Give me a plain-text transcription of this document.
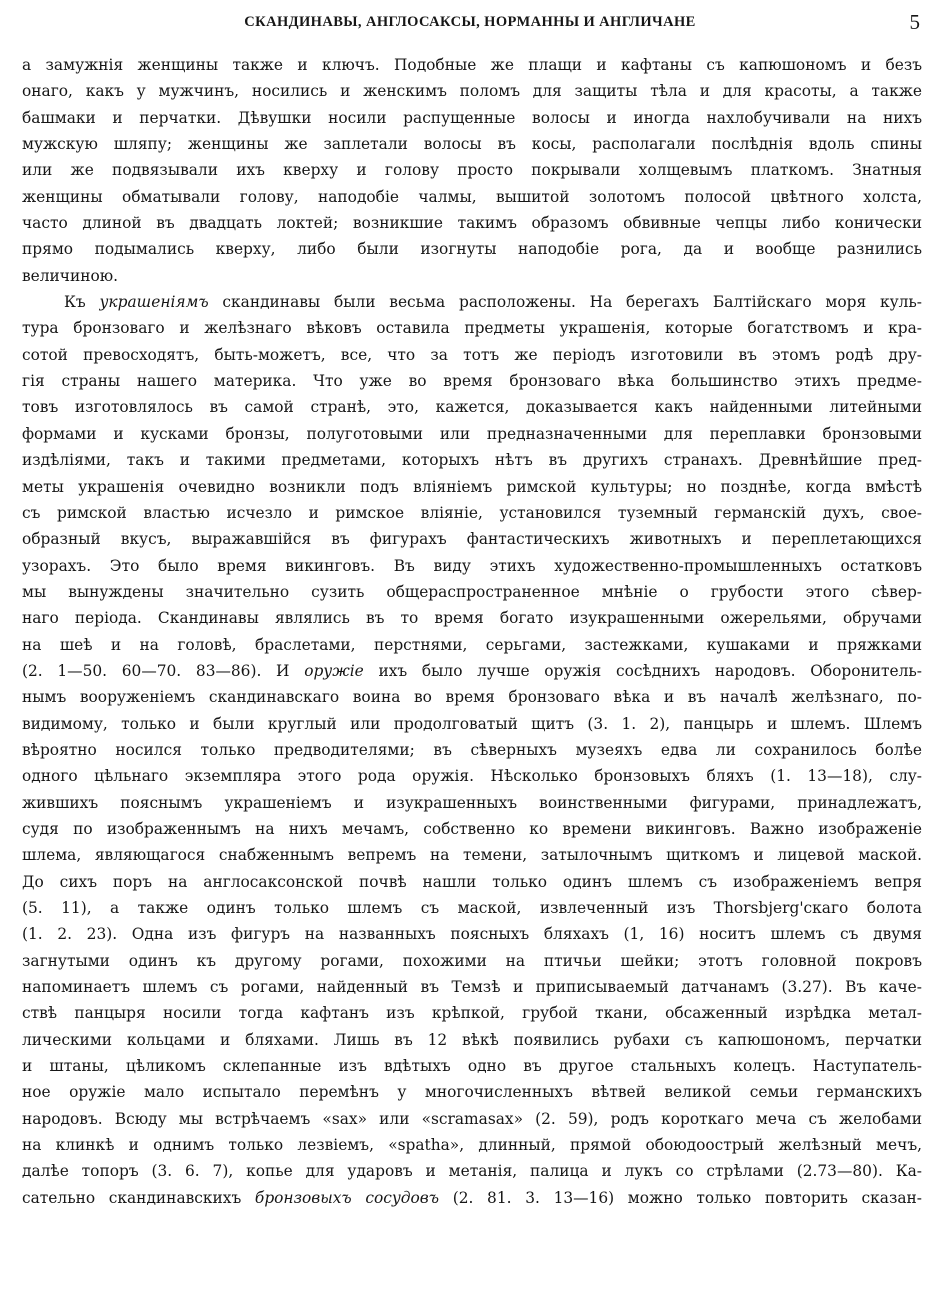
СКАНДИНАВЫ, АНГЛОСАКСЫ, НОРМАННЫ И АНГЛИЧАНЕ	5
а замужнія женщины также и ключъ. Подобные же плащи и кафтаны съ капюшономъ и безъ
онаго, какъ у мужчинъ, носились и женскимъ поломъ для защиты тѣла и для красоты, а также
башмаки и перчатки. Дѣвушки носили распущенные волосы и иногда нахлобучивали на нихъ
мужскую шляпу; женщины же заплетали волосы въ косы, располагали послѣднія вдоль спины
или же подвязывали ихъ кверху и голову просто покрывали холщевымъ платкомъ. Знатныя
женщины обматывали голову, наподобіе чалмы, вышитой золотомъ полосой цвѣтного холста,
часто длиной въ двадцать локтей; возникшие такимъ образомъ обвивные чепцы либо конически
прямо подымались кверху, либо были изогнуты наподобіе рога, да и вообще разнились
величиною.
Къ украшеніямъ скандинавы были весьма расположены. На берегахъ Балтійскаго моря куль-
тура бронзоваго и желѣзнаго вѣковъ оставила предметы украшенія, которые богатствомъ и кра-
сотой превосходятъ, быть-можетъ, все, что за тотъ же періодъ изготовили въ этомъ родѣ дру-
гія страны нашего материка. Что уже во время бронзоваго вѣка большинство этихъ предме-
товъ изготовлялось въ самой странѣ, это, кажется, доказывается какъ найденными литейными
формами и кусками бронзы, полуготовыми или предназначенными для переплавки бронзовыми
издѣліями, такъ и такими предметами, которыхъ нѣтъ въ другихъ странахъ. Древнѣйшие пред-
меты украшенія очевидно возникли подъ вліяніемъ римской культуры; но позднѣе, когда вмѣстѣ
съ римской властью исчезло и римское вліяніе, установился туземный германскій духъ, свое-
образный вкусъ, выражавшійся въ фигурахъ фантастическихъ животныхъ и переплетающихся
узорахъ. Это было время викинговъ. Въ виду этихъ художественно-промышленныхъ остатковъ
мы вынуждены значительно сузить общераспространенное мнѣніе о грубости этого сѣвер-
наго періода. Скандинавы являлись въ то время богато изукрашенными ожерельями, обручами
на шеѣ и на головѣ, браслетами, перстнями, серьгами, застежками, кушаками и пряжками
(2. 1—50. 60—70. 83—86). И оружіе ихъ было лучше оружія сосѣднихъ народовъ. Оборонитель-
нымъ вооруженіемъ скандинавскаго воина во время бронзоваго вѣка и въ началѣ желѣзнаго, по-
видимому, только и были круглый или продолговатый щитъ (3. 1. 2), панцырь и шлемъ. Шлемъ
вѣроятно носился только предводителями; въ сѣверныхъ музеяхъ едва ли сохранилось болѣе
одного цѣльнаго экземпляра этого рода оружія. Нѣсколько бронзовыхъ бляхъ (1. 13—18), слу-
жившихъ пояснымъ украшеніемъ и изукрашенныхъ воинственными фигурами, принадлежатъ,
судя по изображеннымъ на нихъ мечамъ, собственно ко времени викинговъ. Важно изображеніе
шлема, являющагося снабженнымъ вепремъ на темени, затылочнымъ щиткомъ и лицевой маской.
До сихъ поръ на англосаксонской почвѣ нашли только одинъ шлемъ съ изображеніемъ вепря
(5. 11), а также одинъ только шлемъ съ маской, извлеченный изъ Thorsbjerg'скаго болота
(1. 2. 23). Одна изъ фигуръ на названныхъ поясныхъ бляхахъ (1, 16) носитъ шлемъ съ двумя
загнутыми одинъ къ другому рогами, похожими на птичьи шейки; этотъ головной покровъ
напоминаетъ шлемъ съ рогами, найденный въ Темзѣ и приписываемый датчанамъ (3.27). Въ каче-
ствѣ панцыря носили тогда кафтанъ изъ крѣпкой, грубой ткани, обсаженный изрѣдка метал-
лическими кольцами и бляхами. Лишь въ 12 вѣкѣ появились рубахи съ капюшономъ, перчатки
и штаны, цѣликомъ склепанные изъ вдѣтыхъ одно въ другое стальныхъ колецъ. Наступатель-
ное оружіе мало испытало перемѣнъ у многочисленныхъ вѣтвей великой семьи германскихъ
народовъ. Всюду мы встрѣчаемъ «sax» или «scramasax» (2. 59), родъ короткаго меча съ желобами
на клинкѣ и однимъ только лезвіемъ, «spatha», длинный, прямой обоюдоострый желѣзный мечъ,
далѣе топоръ (3. 6. 7), копье для ударовъ и метанія, палица и лукъ со стрѣлами (2.73—80). Ка-
сательно скандинавскихъ бронзовыхъ сосудовъ (2. 81. 3. 13—16) можно только повторить сказан-
